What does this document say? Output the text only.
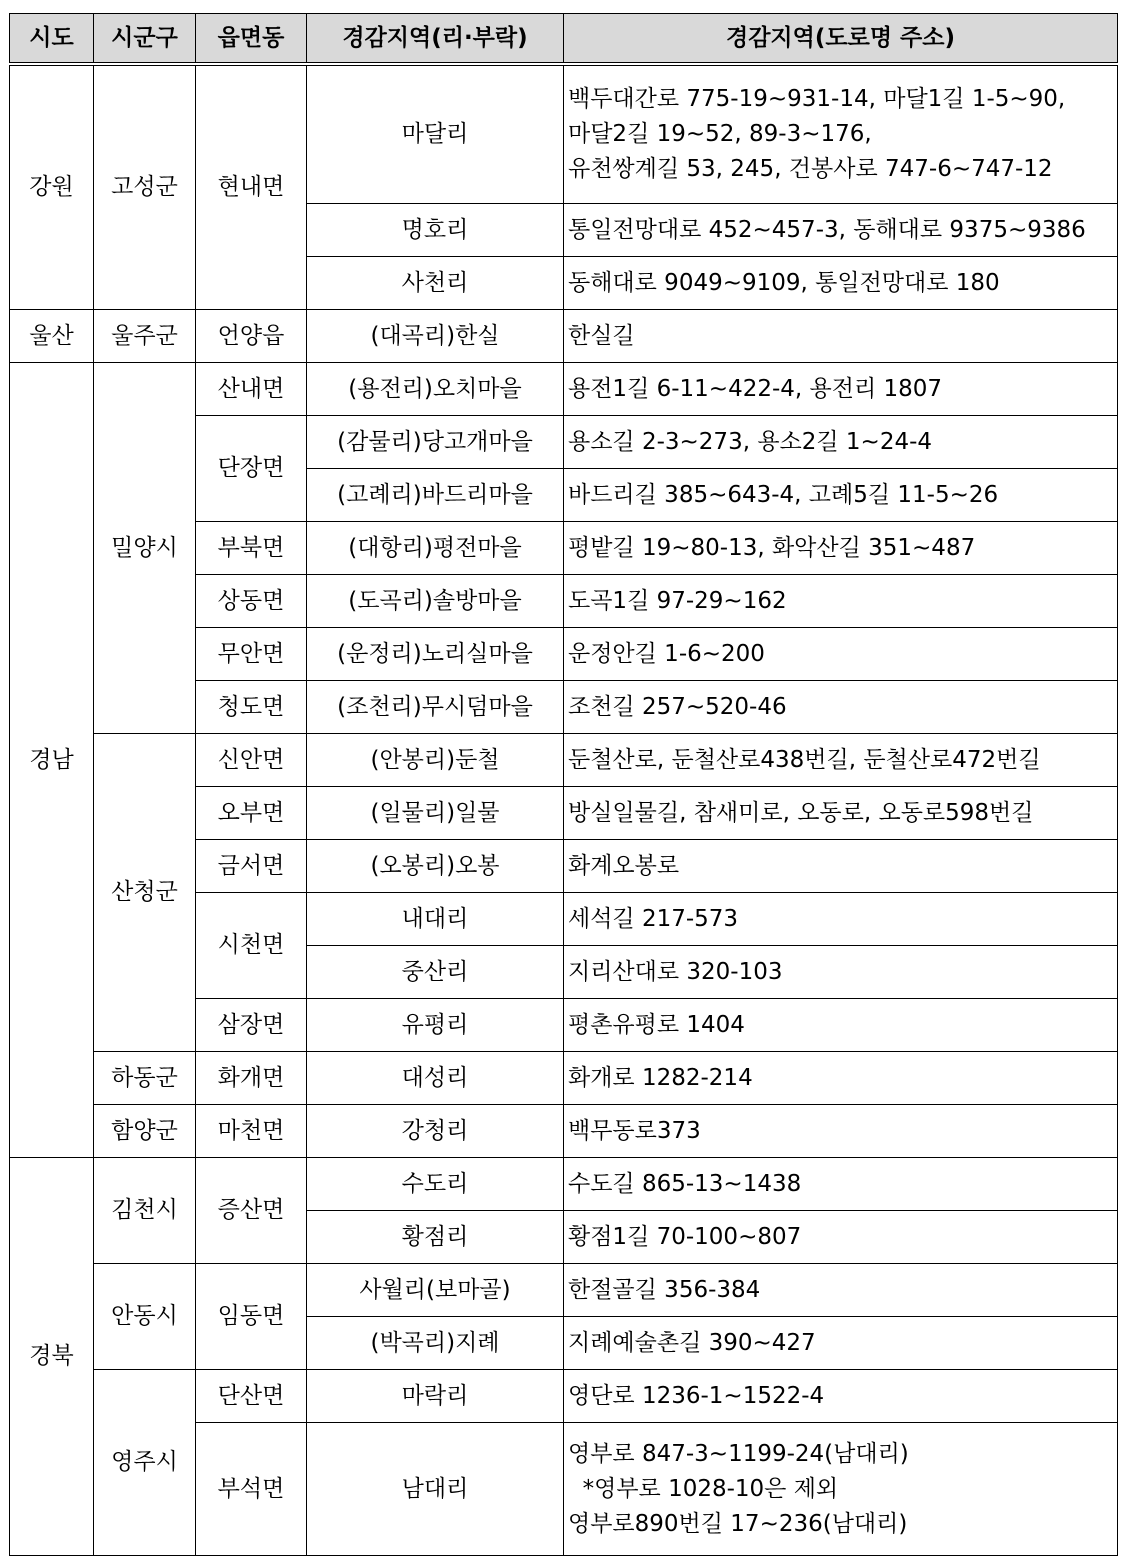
시도	시군구	읍면동	경감지역(리·부락)	경감지역(도로명 주소)
강원	고성군	현내면	마달리	백두대간로 775-19~931-14, 마달1길 1-5~90,
마달2길 19~52, 89-3~176,
유천쌍계길 53, 245, 건봉사로 747-6~747-12

			명호리	통일전망대로 452~457-3, 동해대로 9375~9386
			사천리	동해대로 9049~9109, 통일전망대로 180
울산	울주군	언양읍	(대곡리)한실	한실길
경남	밀양시	산내면	(용전리)오치마을	용전1길 6-11~422-4, 용전리 1807
		단장면	(감물리)당고개마을	용소길 2-3~273, 용소2길 1~24-4
			(고례리)바드리마을	바드리길 385~643-4, 고례5길 11-5~26
		부북면	(대항리)평전마을	평밭길 19~80-13, 화악산길 351~487
		상동면	(도곡리)솔방마을	도곡1길 97-29~162
		무안면	(운정리)노리실마을	운정안길 1-6~200
		청도면	(조천리)무시덤마을	조천길 257~520-46
	산청군	신안면	(안봉리)둔철	둔철산로, 둔철산로438번길, 둔철산로472번길
		오부면	(일물리)일물	방실일물길, 참새미로, 오동로, 오동로598번길
		금서면	(오봉리)오봉	화계오봉로
		시천면	내대리	세석길 217-573
			중산리	지리산대로 320-103
		삼장면	유평리	평촌유평로 1404
	하동군	화개면	대성리	화개로 1282-214
	함양군	마천면	강청리	백무동로373
경북	김천시	증산면	수도리	수도길 865-13~1438
			황점리	황점1길 70-100~807
	안동시	임동면	사월리(보마골)	한절골길 356-384
			(박곡리)지례	지례예술촌길 390~427
	영주시	단산면	마락리	영단로 1236-1~1522-4
		부석면	남대리	영부로 847-3~1199-24(남대리)
*영부로 1028-10은 제외
영부로890번길 17~236(남대리)
